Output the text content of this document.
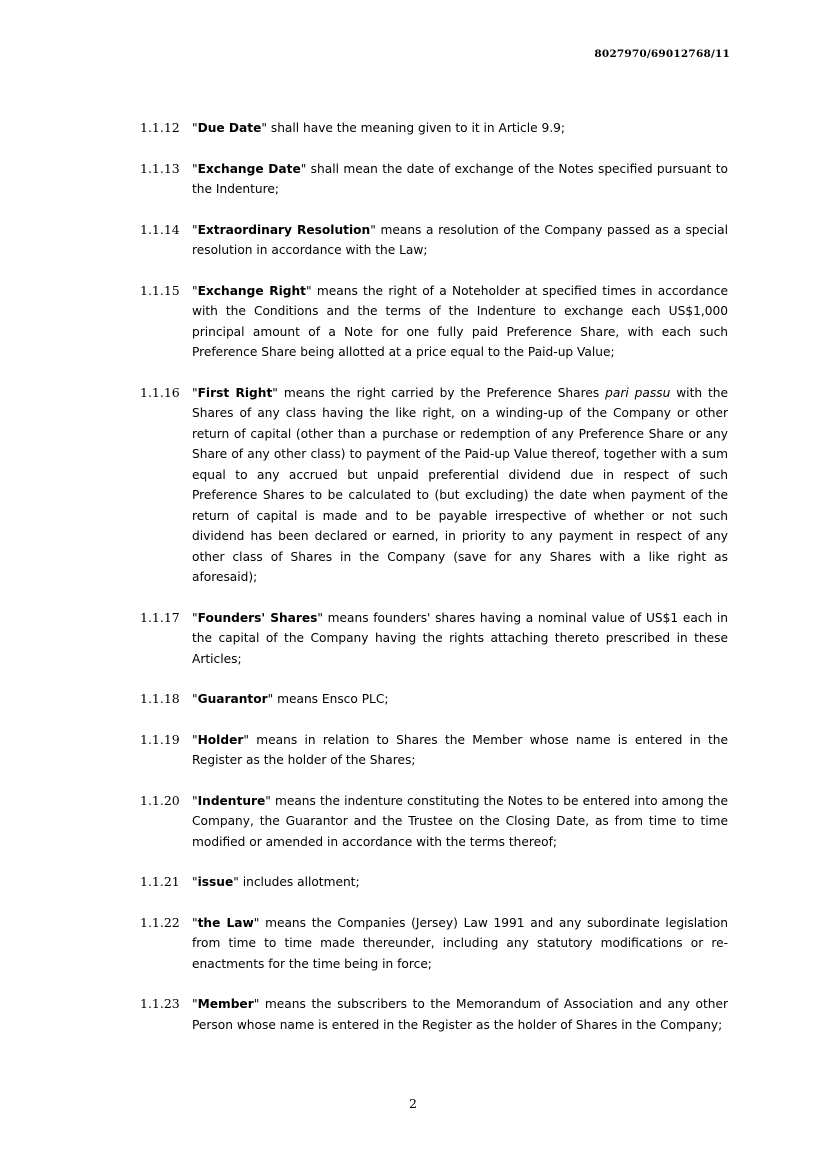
8027970/69012768/11
1.1.12	"Due Date" shall have the meaning given to it in Article 9.9;
1.1.13	"Exchange Date" shall mean the date of exchange of the Notes specified pursuant to the Indenture;
1.1.14	"Extraordinary Resolution" means a resolution of the Company passed as a special resolution in accordance with the Law;
1.1.15	"Exchange Right" means the right of a Noteholder at specified times in accordance with the Conditions and the terms of the Indenture to exchange each US$1,000 principal amount of a Note for one fully paid Preference Share, with each such Preference Share being allotted at a price equal to the Paid-up Value;
1.1.16	"First Right" means the right carried by the Preference Shares pari passu with the Shares of any class having the like right, on a winding-up of the Company or other return of capital (other than a purchase or redemption of any Preference Share or any Share of any other class) to payment of the Paid-up Value thereof, together with a sum equal to any accrued but unpaid preferential dividend due in respect of such Preference Shares to be calculated to (but excluding) the date when payment of the return of capital is made and to be payable irrespective of whether or not such dividend has been declared or earned, in priority to any payment in respect of any other class of Shares in the Company (save for any Shares with a like right as aforesaid);
1.1.17	"Founders' Shares" means founders' shares having a nominal value of US$1 each in the capital of the Company having the rights attaching thereto prescribed in these Articles;
1.1.18	"Guarantor" means Ensco PLC;
1.1.19	"Holder" means in relation to Shares the Member whose name is entered in the Register as the holder of the Shares;
1.1.20	"Indenture" means the indenture constituting the Notes to be entered into among the Company, the Guarantor and the Trustee on the Closing Date, as from time to time modified or amended in accordance with the terms thereof;
1.1.21	"issue" includes allotment;
1.1.22	"the Law" means the Companies (Jersey) Law 1991 and any subordinate legislation from time to time made thereunder, including any statutory modifications or re-enactments for the time being in force;
1.1.23	"Member" means the subscribers to the Memorandum of Association and any other Person whose name is entered in the Register as the holder of Shares in the Company;
2
